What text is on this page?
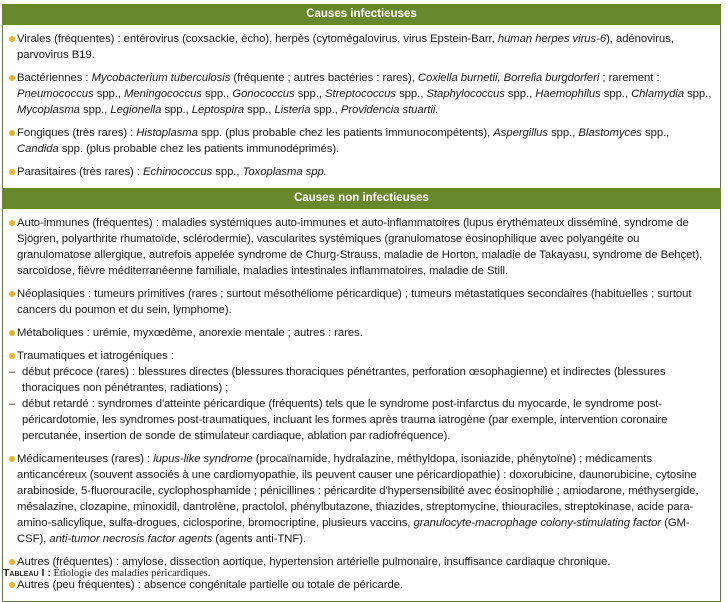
Causes infectieuses
Virales (fréquentes) : entérovirus (coxsackie, écho), herpès (cytomégalovirus, virus Epstein-Barr, human herpes virus-6), adénovirus, parvovirus B19.
Bactériennes : Mycobacterium tuberculosis (fréquente ; autres bactéries : rares), Coxiella burnetii, Borrelia burgdorferi ; rarement : Pneumococcus spp., Meningococcus spp., Gonococcus spp., Streptococcus spp., Staphylococcus spp., Haemophilus spp., Chlamydia spp., Mycoplasma spp., Legionella spp., Leptospira spp., Listeria spp., Providencia stuartii.
Fongiques (très rares) : Histoplasma spp. (plus probable chez les patients immunocompétents), Aspergillus spp., Blastomyces spp., Candida spp. (plus probable chez les patients immunodéprimés).
Parasitaires (très rares) : Echinococcus spp., Toxoplasma spp.
Causes non infectieuses
Auto-immunes (fréquentes) : maladies systémiques auto-immunes et auto-inflammatoires (lupus érythémateux disséminé, syndrome de Sjögren, polyarthrite rhumatoïde, sclérodermie), vascularites systémiques (granulomatose éosinophilique avec polyangéite ou granulomatose allergique, autrefois appelée syndrome de Churg-Strauss, maladie de Horton, maladie de Takayasu, syndrome de Behçet), sarcoïdose, fièvre méditerranéenne familiale, maladies intestinales inflammatoires, maladie de Still.
Néoplasiques : tumeurs primitives (rares ; surtout mésothéliome péricardique) ; tumeurs métastatiques secondaires (habituelles ; surtout cancers du poumon et du sein, lymphome).
Métaboliques : urémie, myxœdème, anorexie mentale ; autres : rares.
Traumatiques et iatrogéniques :
– début précoce (rares) : blessures directes (blessures thoraciques pénétrantes, perforation œsophagienne) et indirectes (blessures thoraciques non pénétrantes, radiations) ;
– début retardé : syndromes d'atteinte péricardique (fréquents) tels que le syndrome post-infarctus du myocarde, le syndrome post-péricardotomie, les syndromes post-traumatiques, incluant les formes après trauma iatrogène (par exemple, intervention coronaire percutanée, insertion de sonde de stimulateur cardiaque, ablation par radiofréquence).
Médicamenteuses (rares) : lupus-like syndrome (procaïnamide, hydralazine, méthyldopa, isoniazide, phénytoïne) ; médicaments anticancéreux (souvent associés à une cardiomyopathie, ils peuvent causer une péricardiopathie) : doxorubicine, daunorubicine, cytosine arabinoside, 5-fluorouracile, cyclophosphamide ; pénicillines : péricardite d'hypersensibilité avec éosinophilie ; amiodarone, méthysergide, mésalazine, clozapine, minoxidil, dantrolène, practolol, phénylbutazone, thiazides, streptomycine, thiouraciles, streptokinase, acide para-amino-salicylique, sulfa-drogues, ciclosporine, bromocriptine, plusieurs vaccins, granulocyte-macrophage colony-stimulating factor (GM-CSF), anti-tumor necrosis factor agents (agents anti-TNF).
Autres (fréquentes) : amylose, dissection aortique, hypertension artérielle pulmonaire, insuffisance cardiaque chronique.
Autres (peu fréquentes) : absence congénitale partielle ou totale de péricarde.
Tableau I : Étiologie des maladies péricardiques.
